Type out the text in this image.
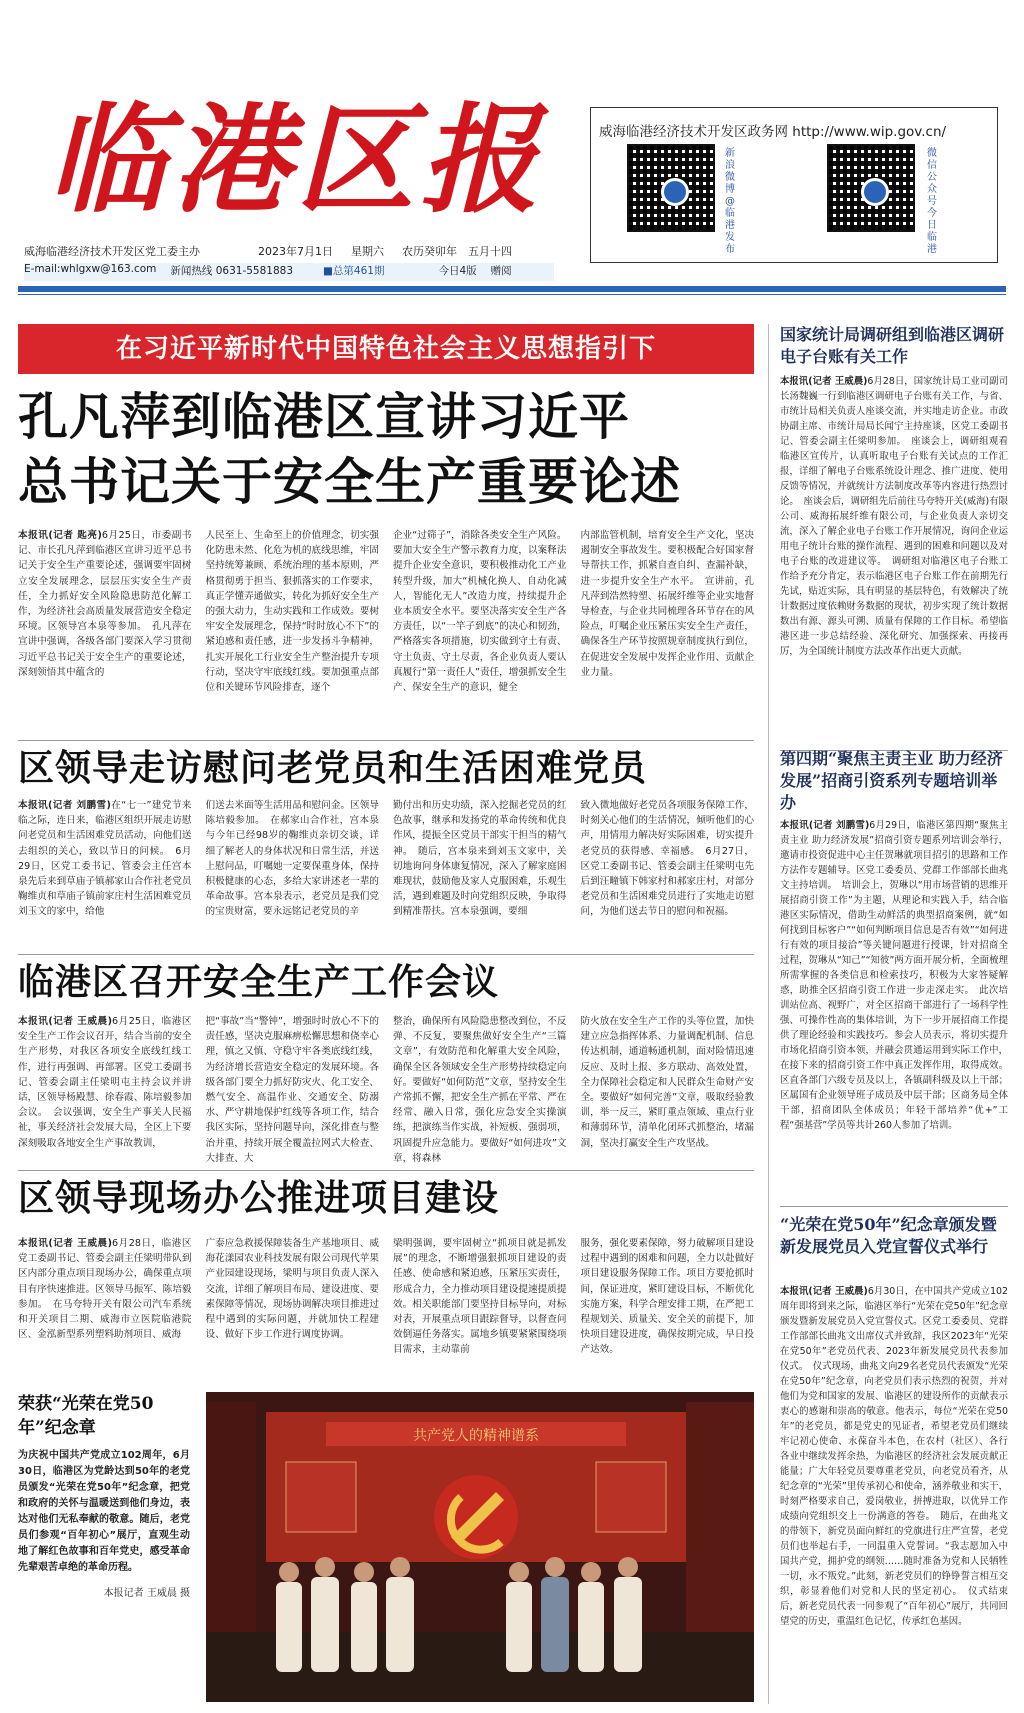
临港区报
威海临港经济技术开发区党工委主办	2023年7月1日 星期六 农历癸卯年　五月十四
E-mail:whlgxw@163.com 新闻热线 0631-5581883	■总第461期	今日4版 赠阅
威海临港经济技术开发区政务网 http://www.wip.gov.cn/
新浪微博@临港发布
微信公众号今日临港
在习近平新时代中国特色社会主义思想指引下
孔凡萍到临港区宣讲习近平
总书记关于安全生产重要论述
本报讯(记者 匙亮)6月25日，市委副书记、市长孔凡萍到临港区宣讲习近平总书记关于安全生产重要论述，强调要牢固树立安全发展理念，层层压实安全生产责任，全力抓好安全风险隐患防范化解工作，为经济社会高质量发展营造安全稳定环境。区领导宫本泉等参加。　孔凡萍在宣讲中强调，各级各部门要深入学习贯彻习近平总书记关于安全生产的重要论述，深刻领悟其中蕴含的
人民至上、生命至上的价值理念，切实强化防患未然、化危为机的底线思维，牢固坚持统筹兼顾、系统治理的基本原则，严格贯彻勇于担当、狠抓落实的工作要求，真正学懂弄通做实，转化为抓好安全生产的强大动力，生动实践和工作成效。要树牢安全发展理念，保持“时时放心不下”的紧迫感和责任感，进一步发扬斗争精神，扎实开展化工行业安全生产整治提升专项行动，坚决守牢底线红线。要加强重点部位和关键环节风险排查，逐个
企业“过筛子”，消除各类安全生产风险。要加大安全生产警示教育力度，以案释法提升企业安全意识，要积极推动化工产业转型升级，加大“机械化换人、自动化减人，智能化无人”改造力度，持续提升企业本质安全水平。要坚决落实安全生产各方责任，以“一竿子到底”的决心和韧劲，严格落实各项措施，切实做到守土有责、守土负责、守土尽责，各企业负责人要认真履行“第一责任人”责任，增强抓安全生产、保安全生产的意识，健全
内部监管机制，培育安全生产文化，坚决遏制安全事故发生。要积极配合好国家督导帮扶工作，抓紧自查自纠、查漏补缺，进一步提升安全生产水平。　宣讲前，孔凡萍到浩然特塑、拓展纤维等企业实地督导检查，与企业共同梳理各环节存在的风险点，叮嘱企业压紧压实安全生产责任，确保各生产环节按照规章制度执行到位，在促进安全发展中发挥企业作用、贡献企业力量。
区领导走访慰问老党员和生活困难党员
本报讯(记者 刘鹏雪)在“七一”建党节来临之际，连日来，临港区组织开展走访慰问老党员和生活困难党员活动，向他们送去组织的关心，致以节日的问候。　6月29日，区党工委书记、管委会主任宫本泉先后来到草庙子镇郝家山合作社老党员鞠维贞和草庙子镇前家庄村生活困难党员刘玉文的家中，给他
们送去米面等生活用品和慰问金。区领导陈培毅参加。　在郝家山合作社，宫本泉与今年已经98岁的鞠维贞亲切交谈，详细了解老人的身体状况和日常生活，并送上慰问品，叮嘱她一定要保重身体，保持积极健康的心态，多给大家讲述老一辈的革命故事。宫本泉表示，老党员是我们党的宝贵财富，要永远铭记老党员的辛
勤付出和历史功绩，深入挖掘老党员的红色故事，继承和发扬党的革命传统和优良作风，提振全区党员干部实干担当的精气神。　随后，宫本泉来到刘玉文家中，关切地询问身体康复情况，深入了解家庭困难现状，鼓励他及家人克服困难，乐观生活，遇到难题及时向党组织反映，争取得到精准帮扶。宫本泉强调，要细
致入微地做好老党员各项服务保障工作，时刻关心他们的生活情况，倾听他们的心声，用情用力解决好实际困难，切实提升老党员的获得感、幸福感。　6月27日，区党工委副书记、管委会副主任梁明屯先后到汪疃镇下韩家村和郝家庄村，对部分老党员和生活困难党员进行了实地走访慰问，为他们送去节日的慰问和祝福。
临港区召开安全生产工作会议
本报讯(记者 王威晨)6月25日，临港区安全生产工作会议召开，结合当前的安全生产形势，对我区各项安全底线红线工作，进行再强调、再部署。区党工委副书记、管委会副主任梁明屯主持会议并讲话，区领导杨殿慧、徐春霞、陈培毅参加会议。　会议强调，安全生产事关人民福祉，事关经济社会发展大局，全区上下要深刻吸取各地安全生产事故教训，
把“事故”当“警钟”，增强时时放心不下的责任感，坚决克服麻痹松懈思想和侥幸心理，慎之又慎、守稳守牢各类底线红线，为经济增长营造安全稳定的发展环境。各级各部门要全力抓好防灾火、化工安全、燃气安全、高温作业、交通安全、防溺水、严守耕地保护红线等各项工作，结合我区实际，坚持问题导向，深化排查与整治并重，持续开展全覆盖拉网式大检查、大排查、大
整治，确保所有风险隐患整改到位，不反弹、不反复，要聚焦做好安全生产“三篇文章”，有效防范和化解重大安全风险，确保全区各领域安全生产形势持续稳定向好。要做好“如何防范”文章，坚持安全生产常抓不懈，把安全生产抓在平常、严在经常、融入日常，强化应急安全实操演练，把演练当作实战，补短板、强弱项，巩固提升应急能力。要做好“如何进攻”文章，将森林
防火放在安全生产工作的头等位置，加快建立应急指挥体系、力量调配机制、信息传达机制，通道畅通机制，面对险情迅速反应、及时上报、多方联动、高效处置，全力保障社会稳定和人民群众生命财产安全。要做好“如何完善”文章，吸取经验教训，举一反三，紧盯重点领域、重点行业和薄弱环节，清单化闭环式抓整治，堵漏洞，坚决打赢安全生产攻坚战。
区领导现场办公推进项目建设
本报讯(记者 王威晨)6月28日，临港区党工委副书记、管委会副主任梁明带队到区内部分重点项目现场办公，确保重点项目有序快速推进。区领导马振军、陈培毅参加。　在马夸特开关有限公司汽车系统和开关项目二期、威海市立医院临港院区、金泓新型系列塑料助剂项目、威海
广泰应急救援保障装备生产基地项目、威海花漾园农业科技发展有限公司现代苹果产业园建设现场，梁明与项目负责人深入交流，详细了解项目布局、建设进度、要素保障等情况，现场协调解决项目推进过程中遇到的实际问题，并就加快工程建设、做好下步工作进行调度协调。
梁明强调，要牢固树立“抓项目就是抓发展”的理念，不断增强狠抓项目建设的责任感、使命感和紧迫感，压紧压实责任，形成合力，全力推动项目建设提速提质提效。相关职能部门要坚持目标导向，对标对表，开展重点项目跟踪督导，以督查问效倒逼任务落实。属地乡镇要紧紧围绕项目需求，主动靠前
服务，强化要素保障，努力破解项目建设过程中遇到的困难和问题，全力以赴做好项目建设服务保障工作。项目方要抢抓时间，保证进度，紧盯建设目标，不断优化实施方案，科学合理安排工期，在严把工程规划关、质量关、安全关的前提下，加快项目建设进度，确保按期完成，早日投产达效。
荣获“光荣在党50年”纪念章
为庆祝中国共产党成立102周年，6月30日，临港区为党龄达到50年的老党员颁发“光荣在党50年”纪念章，把党和政府的关怀与温暖送到他们身边，表达对他们无私奉献的敬意。随后，老党员们参观“百年初心”展厅，直观生动地了解红色故事和百年党史，感受革命先辈艰苦卓绝的革命历程。
本报记者 王威晨 摄
共产党人的精神谱系
国家统计局调研组到临港区调研电子台账有关工作
本报讯(记者 王威晨)6月28日，国家统计局工业司副司长汤魏巍一行到临港区调研电子台账有关工作，与省、市统计局相关负责人座谈交流，并实地走访企业。市政协副主席、市统计局局长闻宁主持座谈，区党工委副书记、管委会副主任梁明参加。　座谈会上，调研组观看临港区宣传片，认真听取电子台账有关试点的工作汇报，详细了解电子台账系统设计理念、推广进度、使用反馈等情况，并就统计方法制度改革等内容进行热烈讨论。　座谈会后，调研组先后前往马夸特开关(威海)有限公司、威海拓展纤维有限公司，与企业负责人亲切交流，深入了解企业电子台账工作开展情况，询问企业运用电子统计台账的操作流程、遇到的困难和问题以及对电子台账的改进建议等。　调研组对临港区电子台账工作给予充分肯定，表示临港区电子台账工作在前期先行先试，贴近实际，具有明显的基层特色，有效解决了统计数据过度依赖财务数据的现状，初步实现了统计数据数出有源、源头可溯、质量有保障的工作目标。希望临港区进一步总结经验、深化研究、加强探索、再接再厉，为全国统计制度方法改革作出更大贡献。
第四期“聚焦主责主业 助力经济发展”招商引资系列专题培训举办
本报讯(记者 刘鹏雪)6月29日，临港区第四期“聚焦主责主业 助力经济发展”招商引资专题系列培训会举行，邀请市投资促进中心主任贺琳就项目招引的思路和工作方法作专题辅导。区党工委委员、党群工作部部长曲兆文主持培训。　培训会上，贺琳以“用市场营销的思维开展招商引资工作”为主题，从理论和实践入手，结合临港区实际情况，借助生动鲜活的典型招商案例，就“如何找到目标客户”“如何判断项目信息是否有效”“如何进行有效的项目接洽”等关键问题进行授课，针对招商全过程，贺琳从“知己”“知彼”两方面开展分析，全面梳理所需掌握的各类信息和检索技巧，积极为大家答疑解惑，助推全区招商引资工作进一步走深走实。　此次培训站位高、视野广，对全区招商干部进行了一场科学性强、可操作性高的集体培训，为下一步开展招商工作提供了理论经验和实践技巧。参会人员表示，将切实提升市场化招商引资本领，并融会贯通运用到实际工作中，在接下来的招商引资工作中真正发挥作用，取得成效。区直各部门六级专员及以上，各镇副科级及以上干部；区属国有企业领导班子成员及中层干部；区商务局全体干部，招商团队全体成员；年轻干部培养“优+”工程“强基营”学员等共计260人参加了培训。
“光荣在党50年”纪念章颁发暨新发展党员入党宣誓仪式举行
本报讯(记者 王威晨)6月30日，在中国共产党成立102周年即将到来之际，临港区举行“光荣在党50年”纪念章颁发暨新发展党员入党宣誓仪式。区党工委委员、党群工作部部长曲兆文出席仪式并致辞，我区2023年“光荣在党50年”老党员代表、2023年新发展党员代表参加仪式。　仪式现场，曲兆文向29名老党员代表颁发“光荣在党50年”纪念章，向老党员们表示热烈的祝贺，并对他们为党和国家的发展、临港区的建设所作的贡献表示衷心的感谢和崇高的敬意。他表示，每位“光荣在党50年”的老党员，都是党史的见证者，希望老党员们继续牢记初心使命、永葆奋斗本色，在农村（社区）、各行各业中继续发挥余热，为临港区的经济社会发展贡献正能量；广大年轻党员要尊重老党员，向老党员看齐，从纪念章的“光荣”里传承初心和使命，涵养敬业和实干，时刻严格要求自己，爱岗敬业，拼搏进取，以优异工作成绩向党组织交上一份满意的答卷。　随后，在曲兆文的带领下，新党员面向鲜红的党旗进行庄严宣誓，老党员们也举起右手，一同温重入党誓词。“我志愿加入中国共产党，拥护党的纲领……随时准备为党和人民牺牲一切，永不叛党。”此刻，新老党员们的铮铮誓言相互交织，彰显着他们对党和人民的坚定初心。　仪式结束后，新老党员代表一同参观了“百年初心”展厅，共同回望党的历史，重温红色记忆，传承红色基因。
